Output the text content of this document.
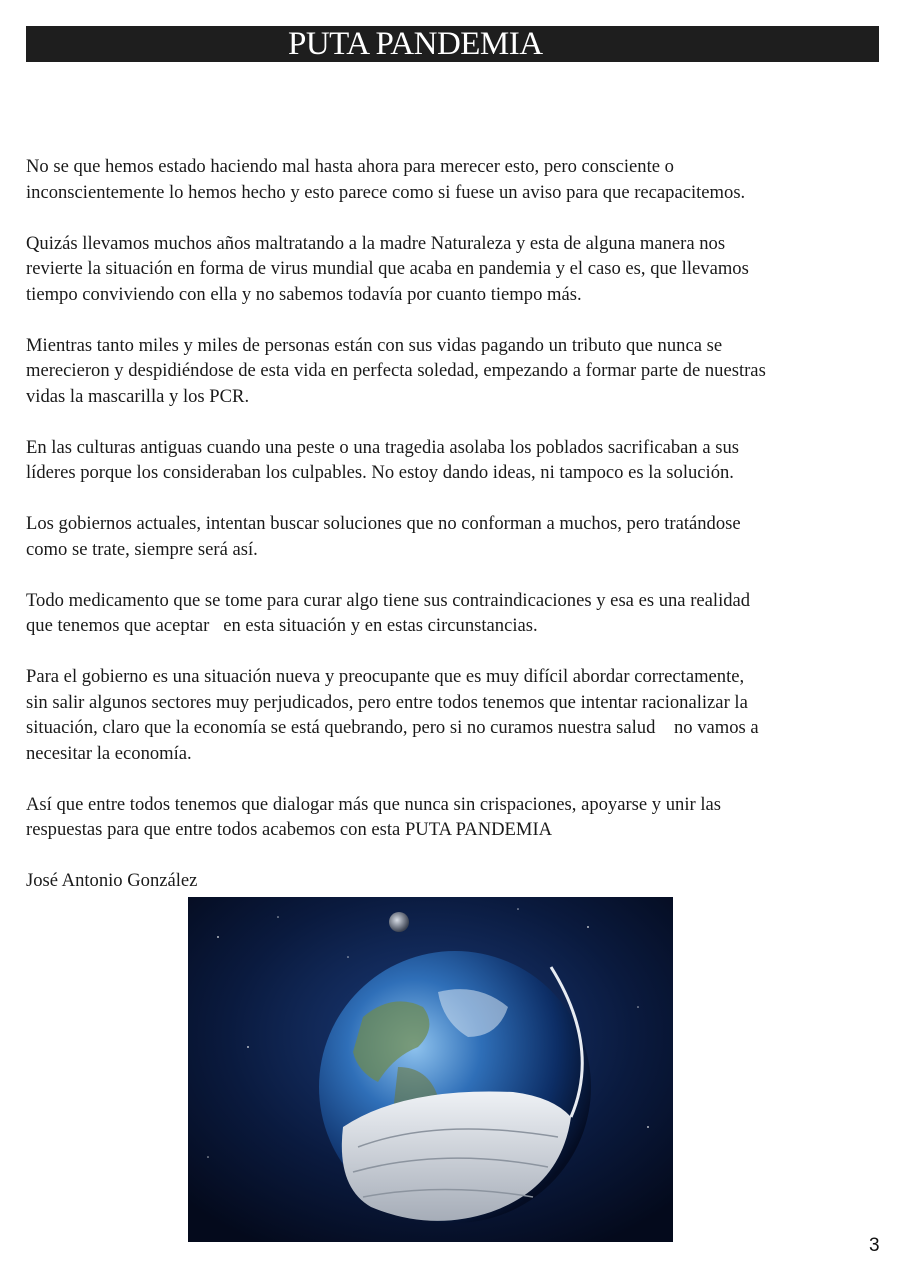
PUTA PANDEMIA

No se que hemos estado haciendo mal hasta ahora para merecer esto, pero consciente o
inconscientemente lo hemos hecho y esto parece como si fuese un aviso para que recapacitemos.

Quizás llevamos muchos años maltratando a la madre Naturaleza y esta de alguna manera nos
revierte la situación en forma de virus mundial que acaba en pandemia y el caso es, que llevamos
tiempo conviviendo con ella y no sabemos todavía por cuanto tiempo más.

Mientras tanto miles y miles de personas están con sus vidas pagando un tributo que nunca se
merecieron y despidiéndose de esta vida en perfecta soledad, empezando a formar parte de nuestras
vidas la mascarilla y los PCR.

En las culturas antiguas cuando una peste o una tragedia asolaba los poblados sacrificaban a sus
líderes porque los consideraban los culpables. No estoy dando ideas, ni tampoco es la solución.

Los gobiernos actuales, intentan buscar soluciones que no conforman a muchos, pero tratándose
como se trate, siempre será así.

Todo medicamento que se tome para curar algo tiene sus contraindicaciones y esa es una realidad
que tenemos que aceptar   en esta situación y en estas circunstancias.

Para el gobierno es una situación nueva y preocupante que es muy difícil abordar correctamente,
sin salir algunos sectores muy perjudicados, pero entre todos tenemos que intentar racionalizar la
situación, claro que la economía se está quebrando, pero si no curamos nuestra salud    no vamos a
necesitar la economía.

Así que entre todos tenemos que dialogar más que nunca sin crispaciones, apoyarse y unir las
respuestas para que entre todos acabemos con esta PUTA PANDEMIA

José Antonio González
3
